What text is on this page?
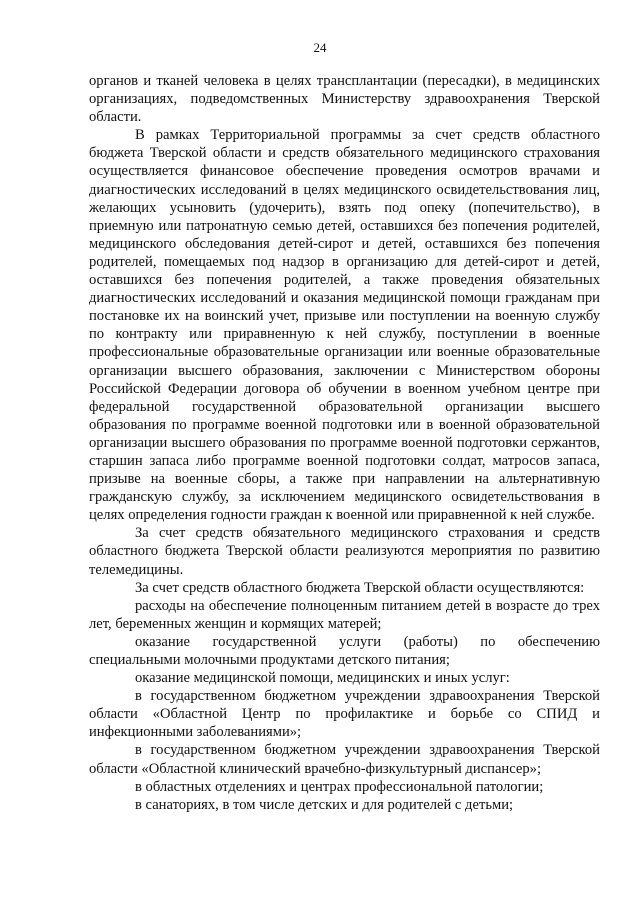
24

органов и тканей человека в целях трансплантации (пересадки), в медицинских организациях, подведомственных Министерству здравоохранения Тверской области.

В рамках Территориальной программы за счет средств областного бюджета Тверской области и средств обязательного медицинского страхования осуществляется финансовое обеспечение проведения осмотров врачами и диагностических исследований в целях медицинского освидетельствования лиц, желающих усыновить (удочерить), взять под опеку (попечительство), в приемную или патронатную семью детей, оставшихся без попечения родителей, медицинского обследования детей-сирот и детей, оставшихся без попечения родителей, помещаемых под надзор в организацию для детей-сирот и детей, оставшихся без попечения родителей, а также проведения обязательных диагностических исследований и оказания медицинской помощи гражданам при постановке их на воинский учет, призыве или поступлении на военную службу по контракту или приравненную к ней службу, поступлении в военные профессиональные образовательные организации или военные образовательные организации высшего образования, заключении с Министерством обороны Российской Федерации договора об обучении в военном учебном центре при федеральной государственной образовательной организации высшего образования по программе военной подготовки или в военной образовательной организации высшего образования по программе военной подготовки сержантов, старшин запаса либо программе военной подготовки солдат, матросов запаса, призыве на военные сборы, а также при направлении на альтернативную гражданскую службу, за исключением медицинского освидетельствования в целях определения годности граждан к военной или приравненной к ней службе.

За счет средств обязательного медицинского страхования и средств областного бюджета Тверской области реализуются мероприятия по развитию телемедицины.

За счет средств областного бюджета Тверской области осуществляются:

расходы на обеспечение полноценным питанием детей в возрасте до трех лет, беременных женщин и кормящих матерей;

оказание государственной услуги (работы) по обеспечению специальными молочными продуктами детского питания;

оказание медицинской помощи, медицинских и иных услуг:

в государственном бюджетном учреждении здравоохранения Тверской области «Областной Центр по профилактике и борьбе со СПИД и инфекционными заболеваниями»;

в государственном бюджетном учреждении здравоохранения Тверской области «Областной клинический врачебно-физкультурный диспансер»;

в областных отделениях и центрах профессиональной патологии;

в санаториях, в том числе детских и для родителей с детьми;
